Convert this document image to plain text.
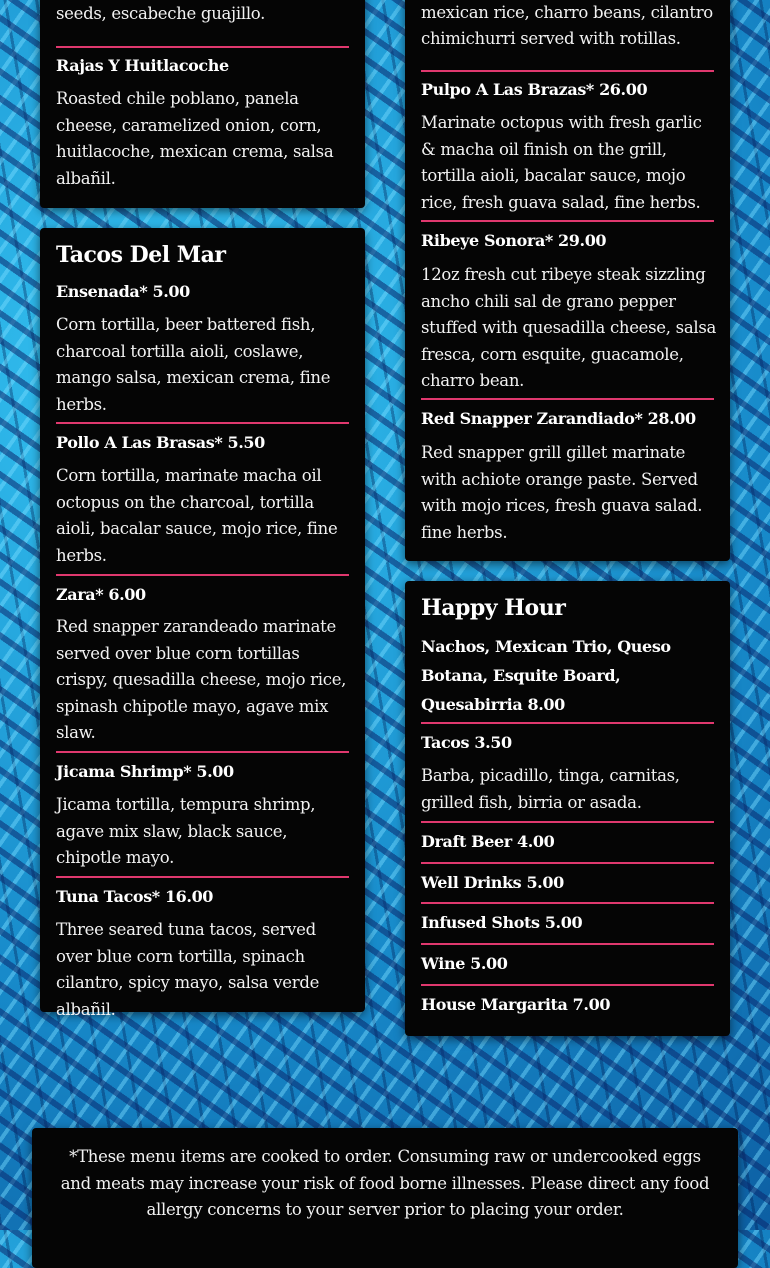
seeds, escabeche guajillo.

Rajas Y Huitlacoche

Roasted chile poblano, panela cheese, caramelized onion, corn, huitlacoche, mexican crema, salsa albañil.

Tacos Del Mar

Ensenada* 5.00

Corn tortilla, beer battered fish, charcoal tortilla aioli, coslawe, mango salsa, mexican crema, fine herbs.

Pollo A Las Brasas* 5.50

Corn tortilla, marinate macha oil octopus on the charcoal, tortilla aioli, bacalar sauce, mojo rice, fine herbs.

Zara* 6.00

Red snapper zarandeado marinate served over blue corn tortillas crispy, quesadilla cheese, mojo rice, spinash chipotle mayo, agave mix slaw.

Jicama Shrimp* 5.00

Jicama tortilla, tempura shrimp, agave mix slaw, black sauce, chipotle mayo.

Tuna Tacos* 16.00

Three seared tuna tacos, served over blue corn tortilla, spinach cilantro, spicy mayo, salsa verde albañil.

mexican rice, charro beans, cilantro chimichurri served with rotillas.

Pulpo A Las Brazas* 26.00

Marinate octopus with fresh garlic & macha oil finish on the grill, tortilla aioli, bacalar sauce, mojo rice, fresh guava salad, fine herbs.

Ribeye Sonora* 29.00

12oz fresh cut ribeye steak sizzling ancho chili sal de grano pepper stuffed with quesadilla cheese, salsa fresca, corn esquite, guacamole, charro bean.

Red Snapper Zarandiado* 28.00

Red snapper grill gillet marinate with achiote orange paste. Served with mojo rices, fresh guava salad. fine herbs.

Happy Hour

Nachos, Mexican Trio, Queso Botana, Esquite Board, Quesabirria 8.00

Tacos 3.50

Barba, picadillo, tinga, carnitas, grilled fish, birria or asada.

Draft Beer 4.00

Well Drinks 5.00

Infused Shots 5.00

Wine 5.00

House Margarita 7.00

*These menu items are cooked to order. Consuming raw or undercooked eggs and meats may increase your risk of food borne illnesses. Please direct any food allergy concerns to your server prior to placing your order.
